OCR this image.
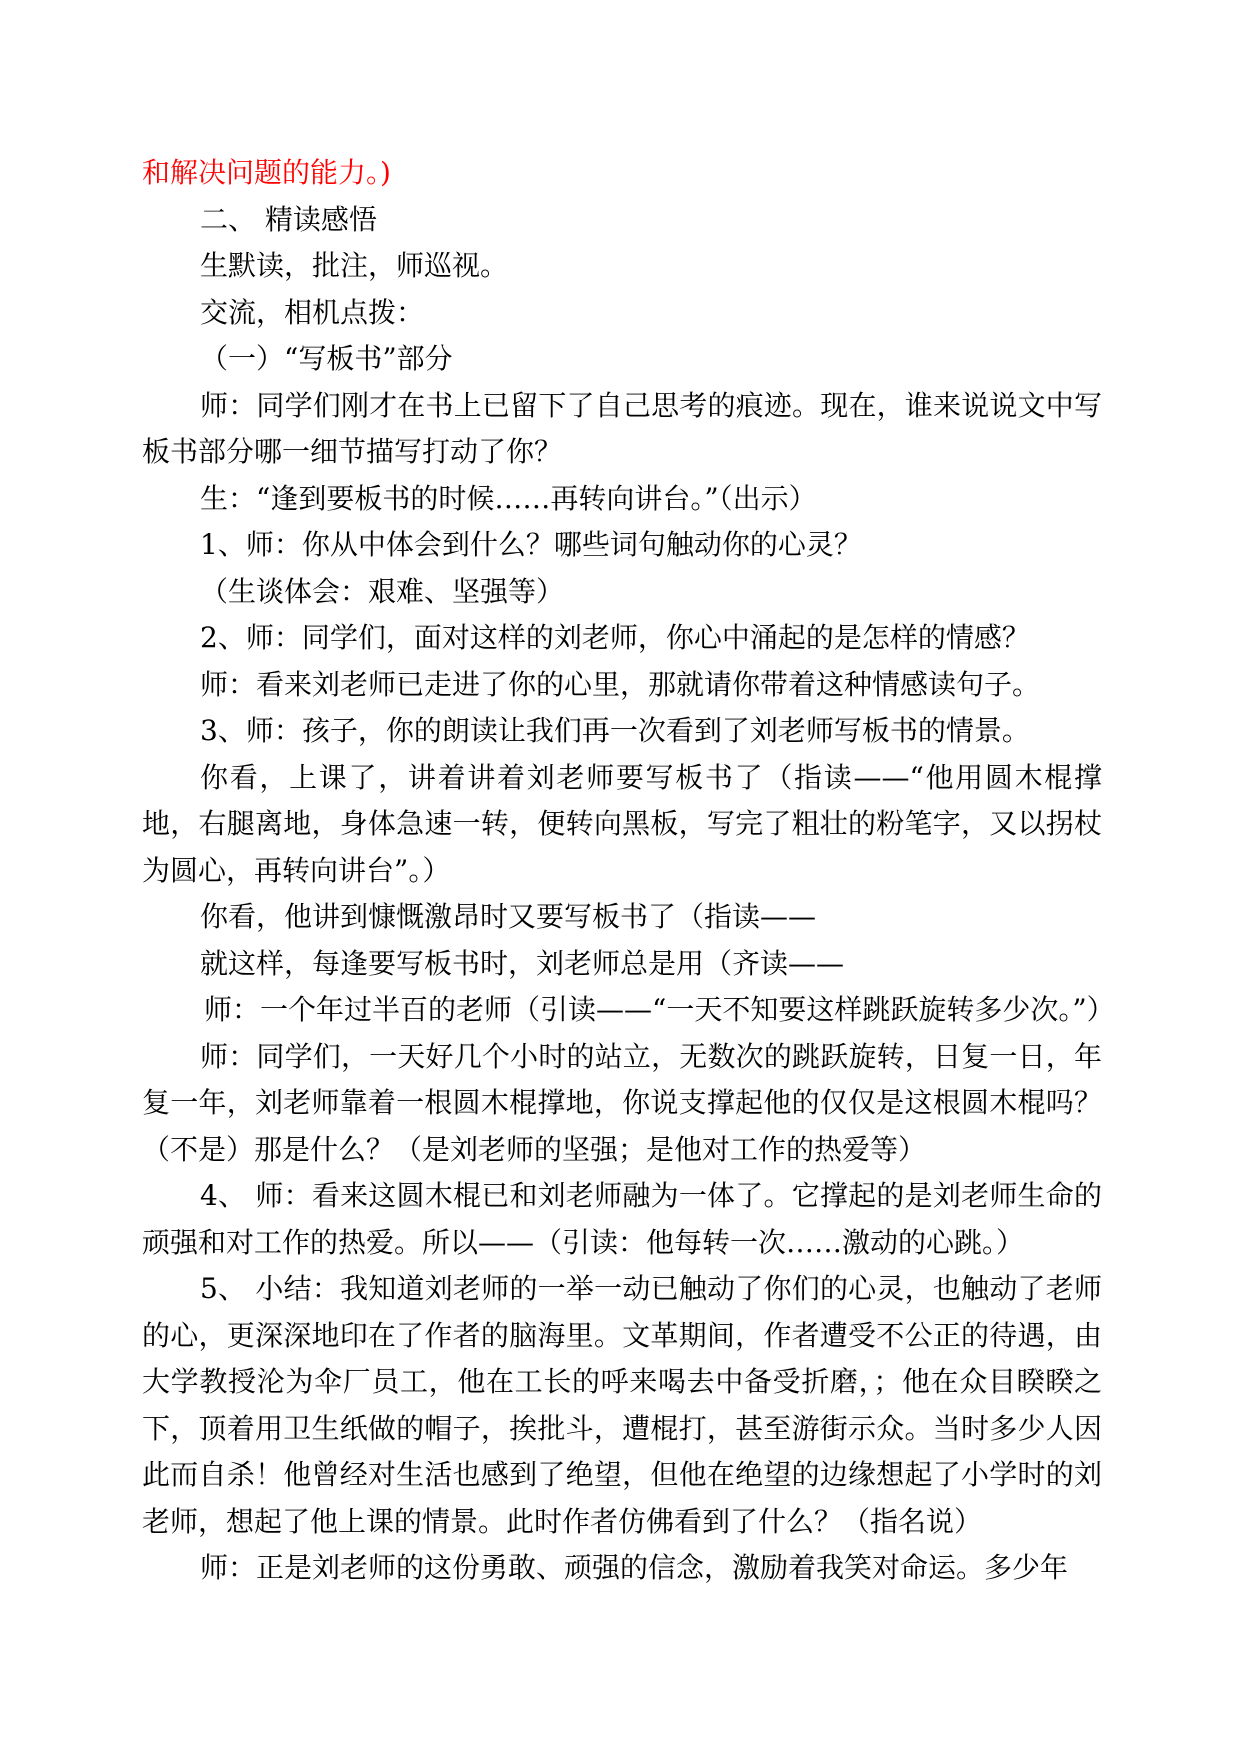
和解决问题的能力。)

二、 精读感悟

生默读，批注，师巡视。

交流，相机点拨：

（一）“写板书”部分

师：同学们刚才在书上已留下了自己思考的痕迹。现在，谁来说说文中写板书部分哪一细节描写打动了你？

生：“逢到要板书的时候……再转向讲台。”（出示）

1、师：你从中体会到什么？哪些词句触动你的心灵？

（生谈体会：艰难、坚强等）

2、师：同学们，面对这样的刘老师，你心中涌起的是怎样的情感？

师：看来刘老师已走进了你的心里，那就请你带着这种情感读句子。

3、师：孩子，你的朗读让我们再一次看到了刘老师写板书的情景。

你看，上课了，讲着讲着刘老师要写板书了（指读——“他用圆木棍撑地，右腿离地，身体急速一转，便转向黑板，写完了粗壮的粉笔字，又以拐杖为圆心，再转向讲台”。）

你看，他讲到慷慨激昂时又要写板书了（指读——

就这样，每逢要写板书时，刘老师总是用（齐读——

师：一个年过半百的老师（引读——“一天不知要这样跳跃旋转多少次。”）

师：同学们，一天好几个小时的站立，无数次的跳跃旋转，日复一日，年复一年，刘老师靠着一根圆木棍撑地，你说支撑起他的仅仅是这根圆木棍吗？（不是）那是什么？（是刘老师的坚强；是他对工作的热爱等）

4、 师：看来这圆木棍已和刘老师融为一体了。它撑起的是刘老师生命的顽强和对工作的热爱。所以——（引读：他每转一次……激动的心跳。）

5、 小结：我知道刘老师的一举一动已触动了你们的心灵，也触动了老师的心，更深深地印在了作者的脑海里。文革期间，作者遭受不公正的待遇，由大学教授沦为伞厂员工，他在工长的呼来喝去中备受折磨，；他在众目睽睽之下，顶着用卫生纸做的帽子，挨批斗，遭棍打，甚至游街示众。当时多少人因此而自杀！他曾经对生活也感到了绝望，但他在绝望的边缘想起了小学时的刘老师，想起了他上课的情景。此时作者仿佛看到了什么？（指名说）

师：正是刘老师的这份勇敢、顽强的信念，激励着我笑对命运。多少年
